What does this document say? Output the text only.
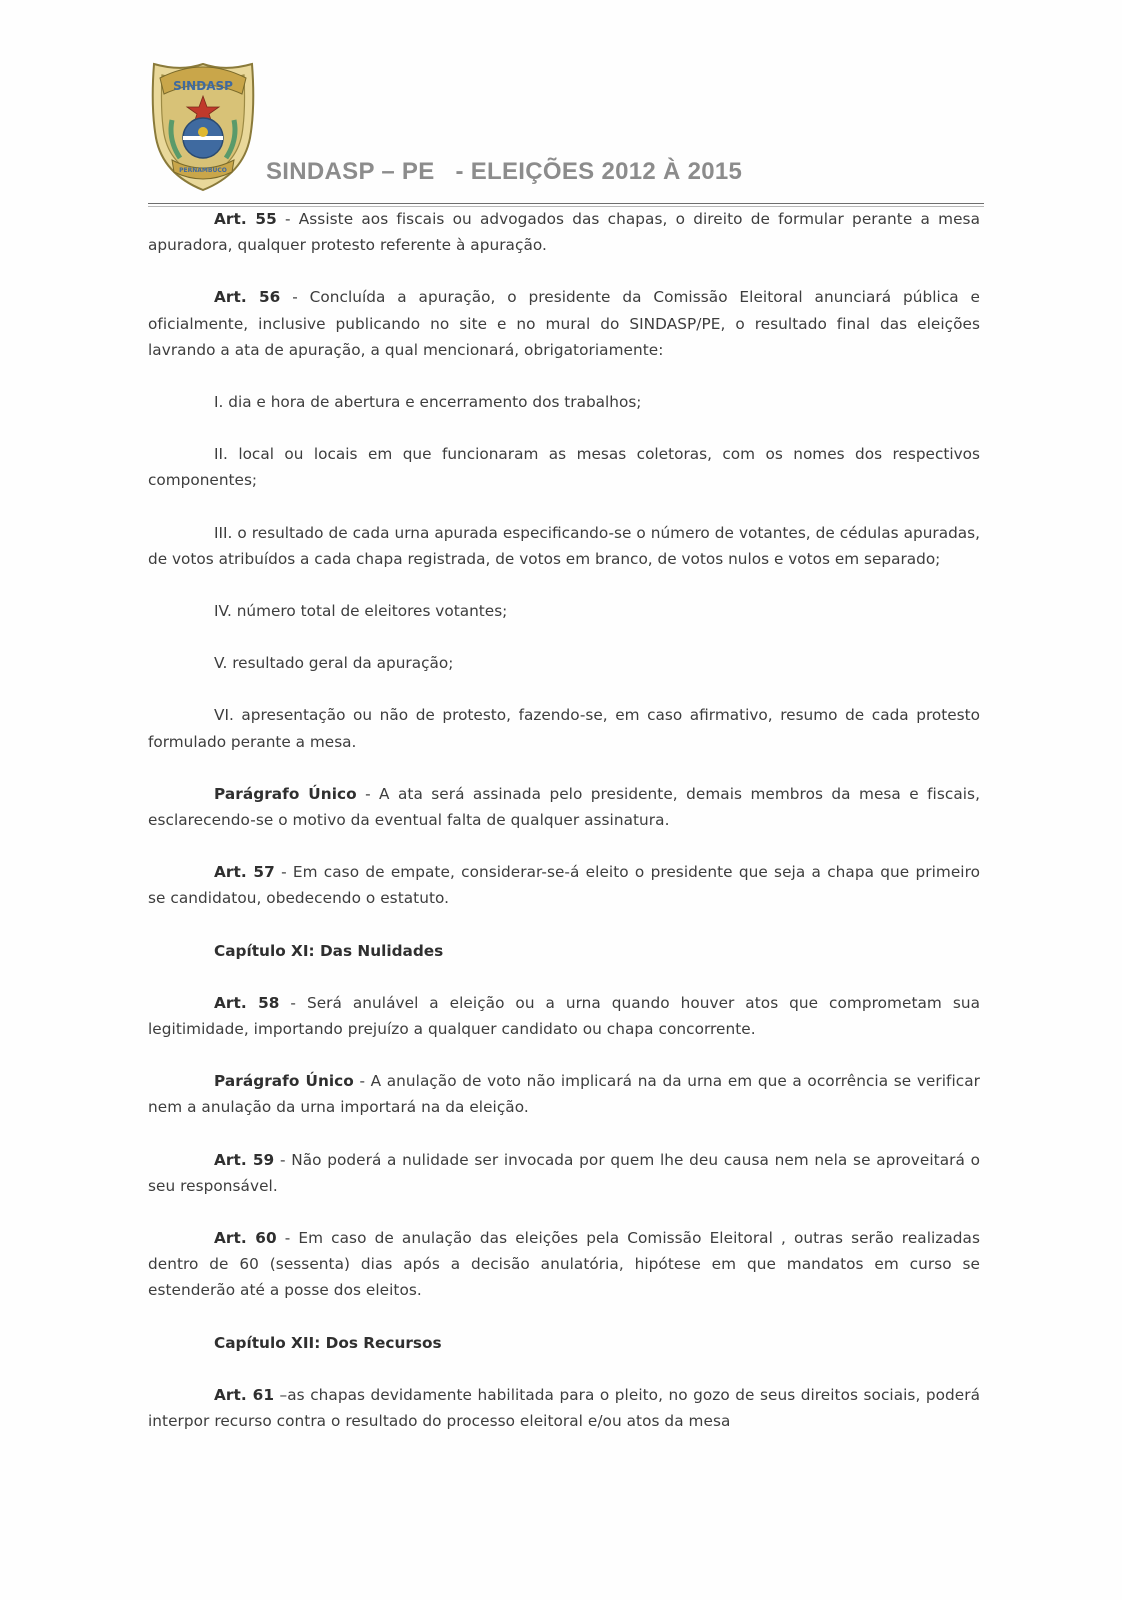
SINDASP
PERNAMBUCO SINDASP – PE   - ELEIÇÕES 2012 À 2015

Art. 55 - Assiste aos fiscais ou advogados das chapas, o direito de formular perante a mesa apuradora, qualquer protesto referente à apuração.

Art. 56 - Concluída a apuração, o presidente da Comissão Eleitoral anunciará pública e oficialmente, inclusive publicando no site e no mural do SINDASP/PE, o resultado final das eleições lavrando a ata de apuração, a qual mencionará, obrigatoriamente:

I. dia e hora de abertura e encerramento dos trabalhos;

II. local ou locais em que funcionaram as mesas coletoras, com os nomes dos respectivos componentes;

III. o resultado de cada urna apurada especificando-se o número de votantes, de cédulas apuradas, de votos atribuídos a cada chapa registrada, de votos em branco, de votos nulos e votos em separado;

IV. número total de eleitores votantes;

V. resultado geral da apuração;

VI. apresentação ou não de protesto, fazendo-se, em caso afirmativo, resumo de cada protesto formulado perante a mesa.

Parágrafo Único - A ata será assinada pelo presidente, demais membros da mesa e fiscais, esclarecendo-se o motivo da eventual falta de qualquer assinatura.

Art. 57 - Em caso de empate, considerar-se-á eleito o presidente que seja a chapa que primeiro se candidatou, obedecendo o estatuto.

Capítulo XI: Das Nulidades

Art. 58 - Será anulável a eleição ou a urna quando houver atos que comprometam sua legitimidade, importando prejuízo a qualquer candidato ou chapa concorrente.

Parágrafo Único - A anulação de voto não implicará na da urna em que a ocorrência se verificar nem a anulação da urna importará na da eleição.

Art. 59 - Não poderá a nulidade ser invocada por quem lhe deu causa nem nela se aproveitará o seu responsável.

Art. 60 - Em caso de anulação das eleições pela Comissão Eleitoral , outras serão realizadas dentro de 60 (sessenta) dias após a decisão anulatória, hipótese em que mandatos em curso se estenderão até a posse dos eleitos.

Capítulo XII: Dos Recursos

Art. 61 –as chapas devidamente habilitada para o pleito, no gozo de seus direitos sociais, poderá interpor recurso contra o resultado do processo eleitoral e/ou atos da mesa
